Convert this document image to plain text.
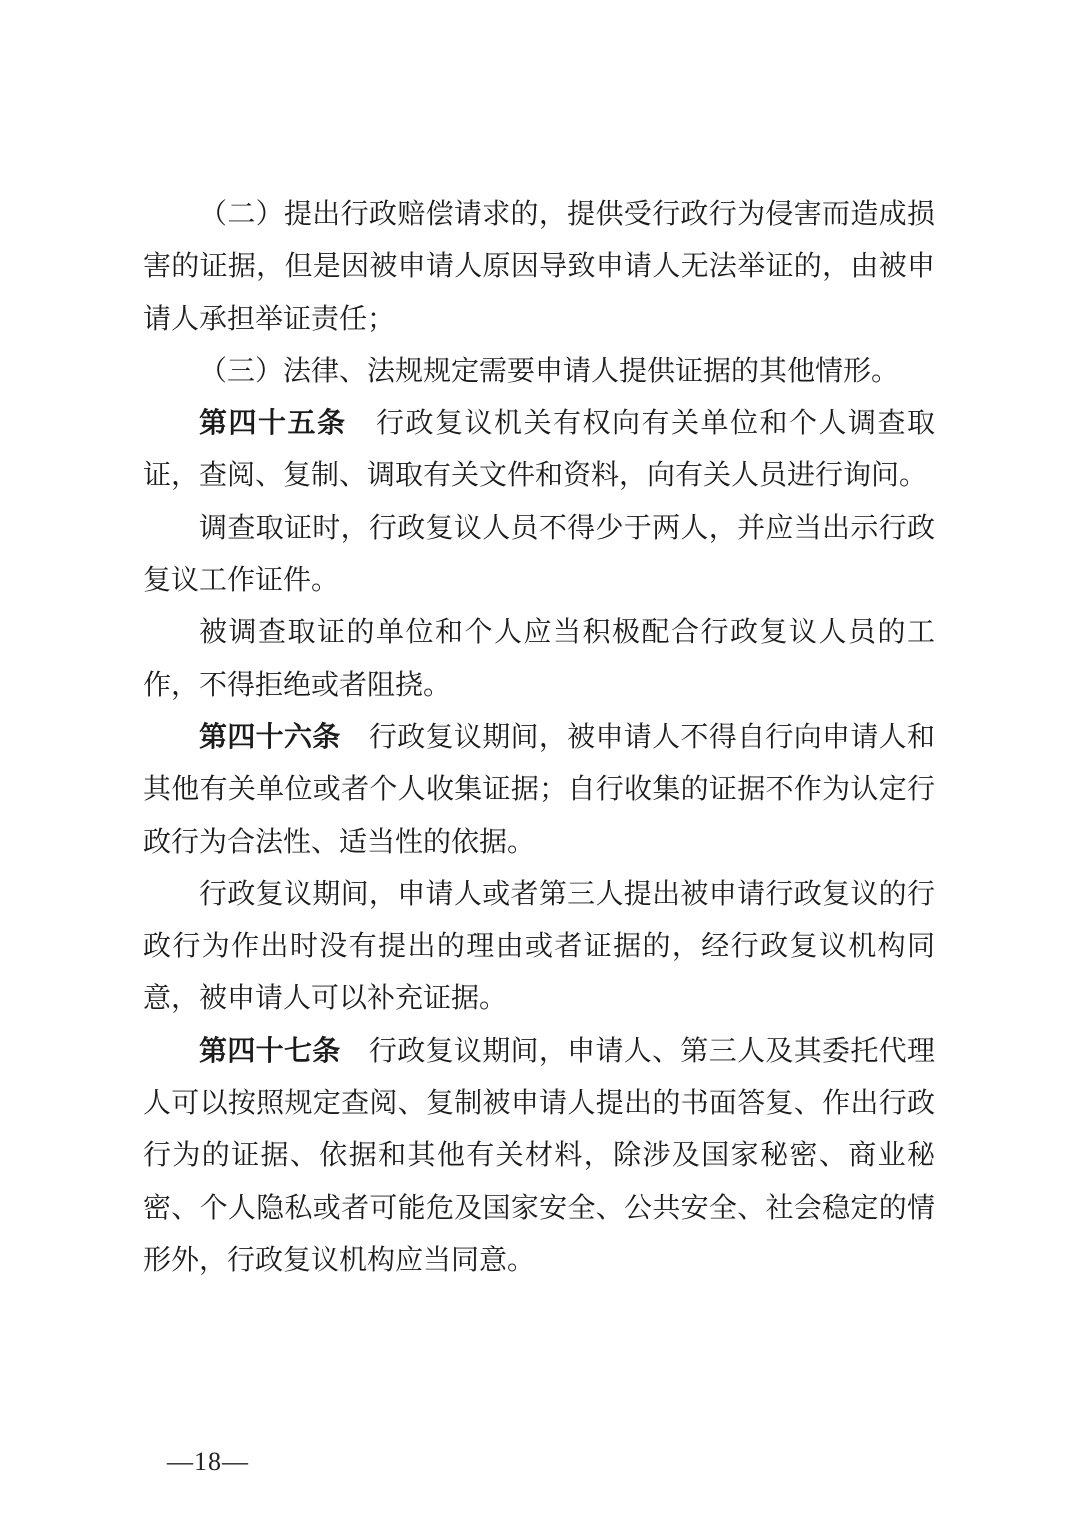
（二）提出行政赔偿请求的，提供受行政行为侵害而造成损害的证据，但是因被申请人原因导致申请人无法举证的，由被申请人承担举证责任；

（三）法律、法规规定需要申请人提供证据的其他情形。

第四十五条　行政复议机关有权向有关单位和个人调查取证，查阅、复制、调取有关文件和资料，向有关人员进行询问。

调查取证时，行政复议人员不得少于两人，并应当出示行政复议工作证件。

被调查取证的单位和个人应当积极配合行政复议人员的工作，不得拒绝或者阻挠。

第四十六条　行政复议期间，被申请人不得自行向申请人和其他有关单位或者个人收集证据；自行收集的证据不作为认定行政行为合法性、适当性的依据。

行政复议期间，申请人或者第三人提出被申请行政复议的行政行为作出时没有提出的理由或者证据的，经行政复议机构同意，被申请人可以补充证据。

第四十七条　行政复议期间，申请人、第三人及其委托代理人可以按照规定查阅、复制被申请人提出的书面答复、作出行政行为的证据、依据和其他有关材料，除涉及国家秘密、商业秘密、个人隐私或者可能危及国家安全、公共安全、社会稳定的情形外，行政复议机构应当同意。

—18—
